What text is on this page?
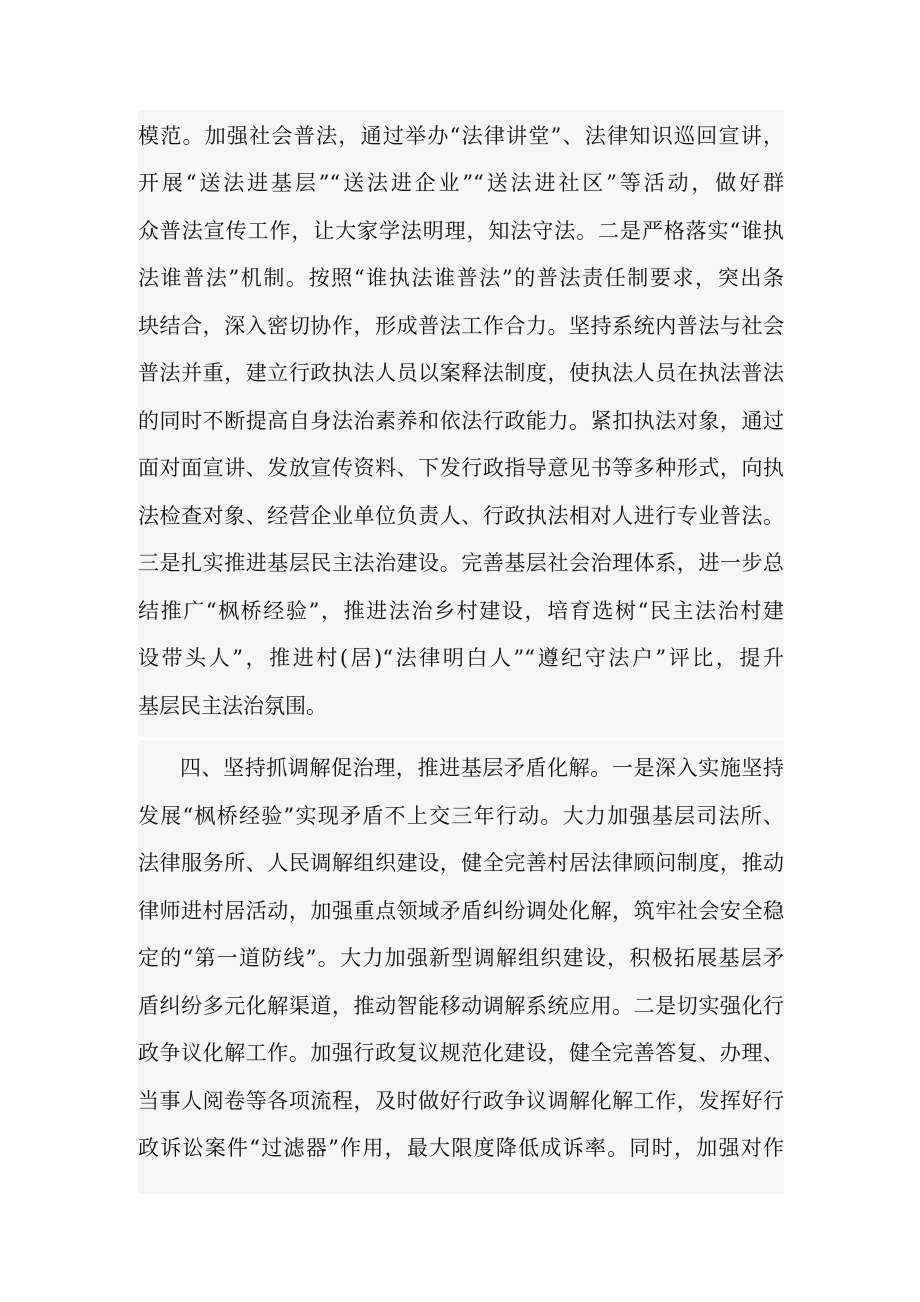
模范。加强社会普法，通过举办“法律讲堂”、法律知识巡回宣讲，
开展“送法进基层”“送法进企业”“送法进社区”等活动，做好群
众普法宣传工作，让大家学法明理，知法守法。二是严格落实“谁执
法谁普法”机制。按照“谁执法谁普法”的普法责任制要求，突出条
块结合，深入密切协作，形成普法工作合力。坚持系统内普法与社会
普法并重，建立行政执法人员以案释法制度，使执法人员在执法普法
的同时不断提高自身法治素养和依法行政能力。紧扣执法对象，通过
面对面宣讲、发放宣传资料、下发行政指导意见书等多种形式，向执
法检查对象、经营企业单位负责人、行政执法相对人进行专业普法。
三是扎实推进基层民主法治建设。完善基层社会治理体系，进一步总
结推广“枫桥经验”，推进法治乡村建设，培育选树“民主法治村建
设带头人”，推进村(居)“法律明白人”“遵纪守法户”评比，提升
基层民主法治氛围。
四、坚持抓调解促治理，推进基层矛盾化解。一是深入实施坚持
发展“枫桥经验”实现矛盾不上交三年行动。大力加强基层司法所、
法律服务所、人民调解组织建设，健全完善村居法律顾问制度，推动
律师进村居活动，加强重点领域矛盾纠纷调处化解，筑牢社会安全稳
定的“第一道防线”。大力加强新型调解组织建设，积极拓展基层矛
盾纠纷多元化解渠道，推动智能移动调解系统应用。二是切实强化行
政争议化解工作。加强行政复议规范化建设，健全完善答复、办理、
当事人阅卷等各项流程，及时做好行政争议调解化解工作，发挥好行
政诉讼案件“过滤器”作用，最大限度降低成诉率。同时，加强对作
